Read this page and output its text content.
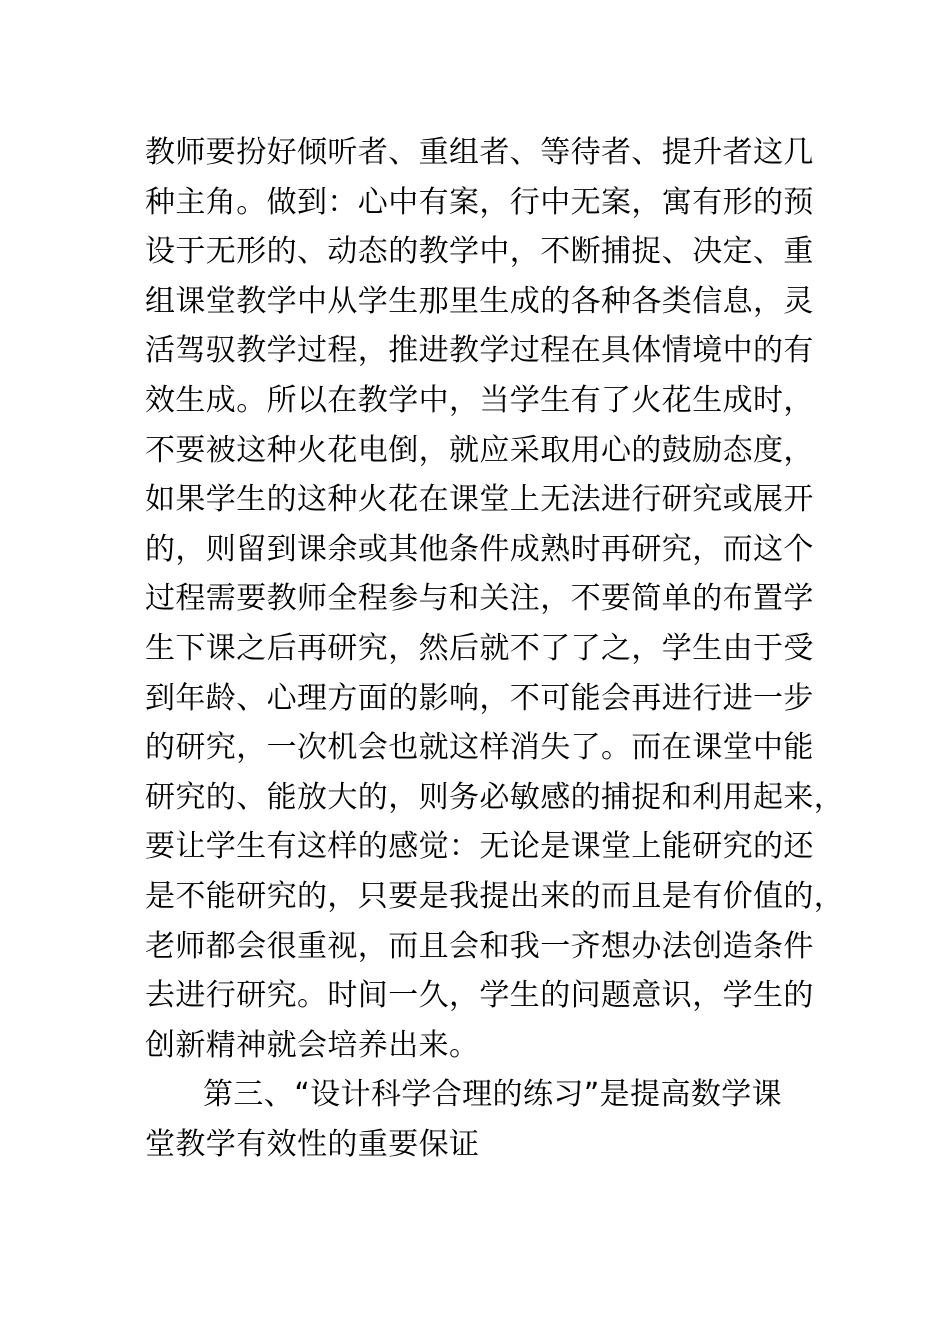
教师要扮好倾听者、重组者、等待者、提升者这几
种主角。做到：心中有案，行中无案，寓有形的预
设于无形的、动态的教学中，不断捕捉、决定、重
组课堂教学中从学生那里生成的各种各类信息，灵
活驾驭教学过程，推进教学过程在具体情境中的有
效生成。所以在教学中，当学生有了火花生成时，
不要被这种火花电倒，就应采取用心的鼓励态度，
如果学生的这种火花在课堂上无法进行研究或展开
的，则留到课余或其他条件成熟时再研究，而这个
过程需要教师全程参与和关注，不要简单的布置学
生下课之后再研究，然后就不了了之，学生由于受
到年龄、心理方面的影响，不可能会再进行进一步
的研究，一次机会也就这样消失了。而在课堂中能
研究的、能放大的，则务必敏感的捕捉和利用起来，
要让学生有这样的感觉：无论是课堂上能研究的还
是不能研究的，只要是我提出来的而且是有价值的，
老师都会很重视，而且会和我一齐想办法创造条件
去进行研究。时间一久，学生的问题意识，学生的
创新精神就会培养出来。
第三、“设计科学合理的练习”是提高数学课
堂教学有效性的重要保证
